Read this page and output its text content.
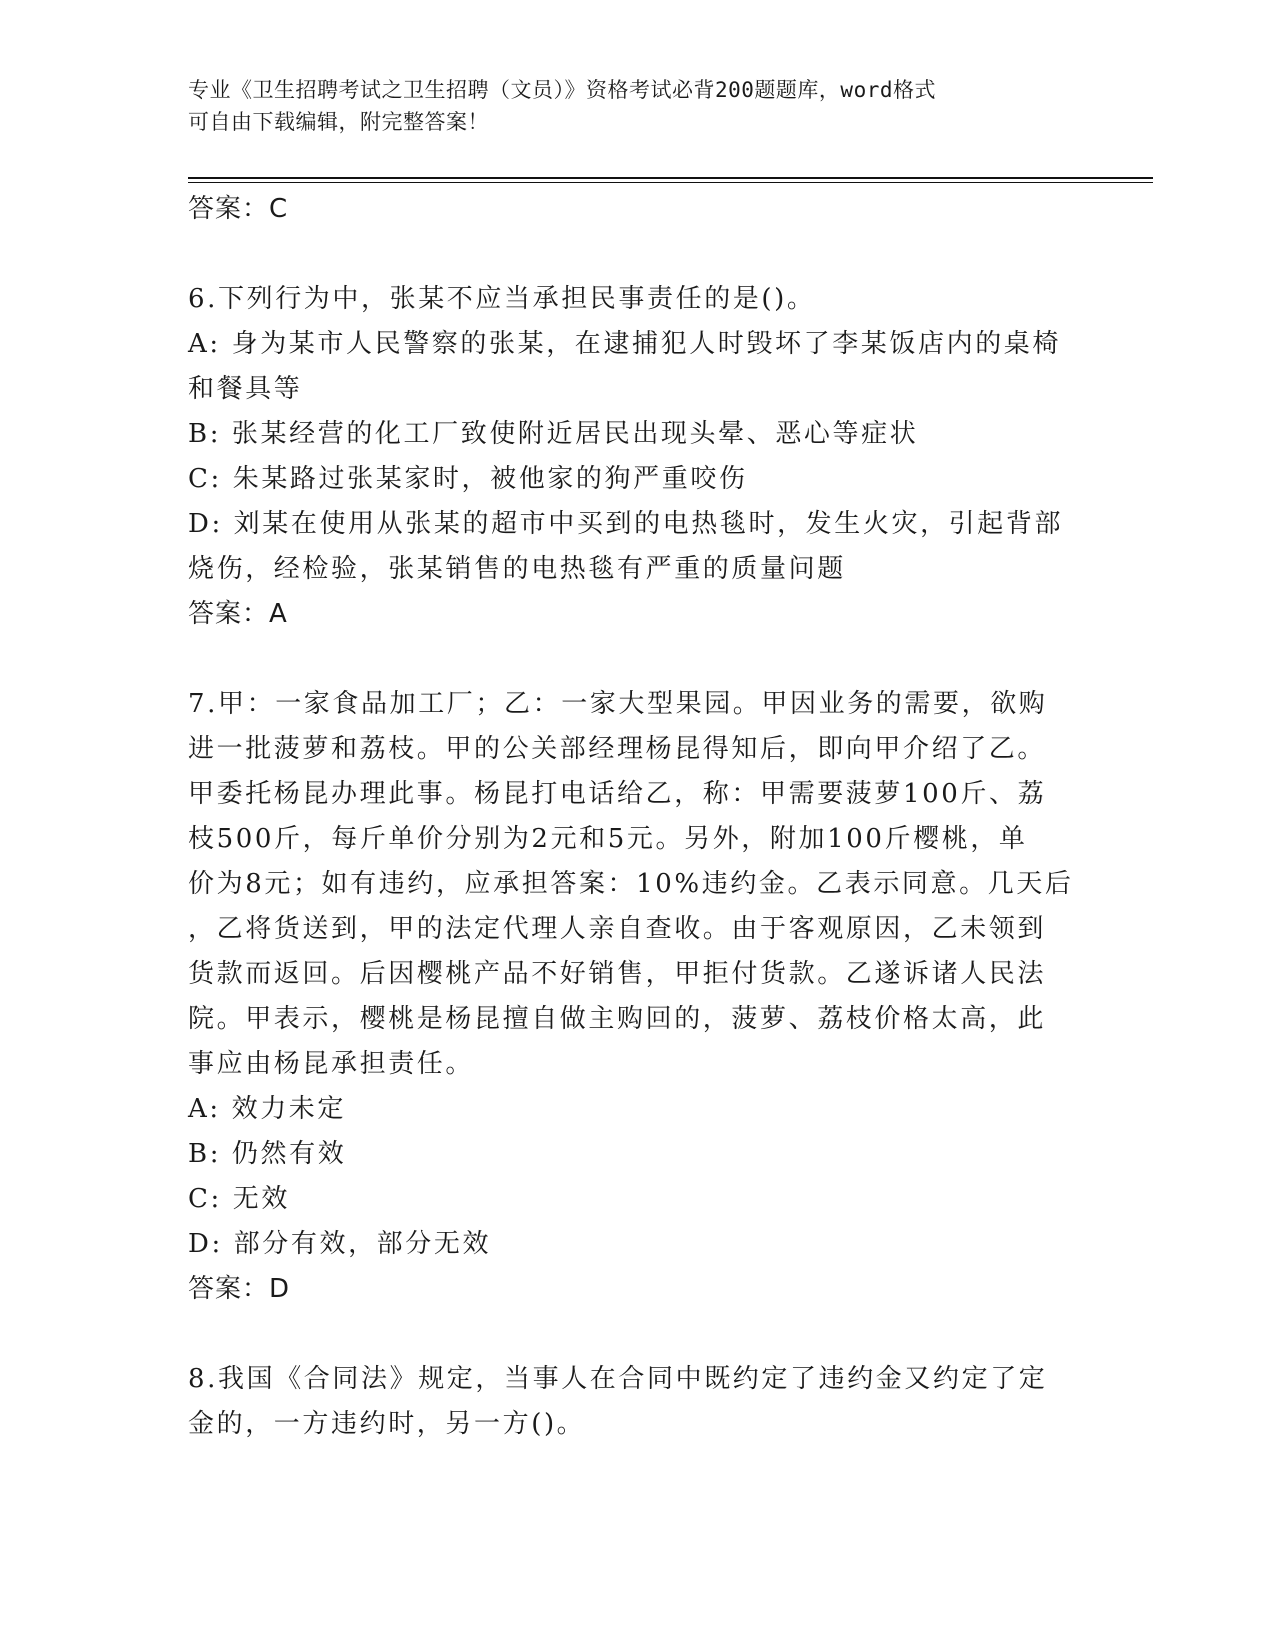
专业《卫生招聘考试之卫生招聘（文员）》资格考试必背200题题库，word格式
可自由下载编辑，附完整答案！
答案：C
6.下列行为中，张某不应当承担民事责任的是()。
A: 身为某市人民警察的张某，在逮捕犯人时毁坏了李某饭店内的桌椅
和餐具等
B: 张某经营的化工厂致使附近居民出现头晕、恶心等症状
C: 朱某路过张某家时，被他家的狗严重咬伤
D: 刘某在使用从张某的超市中买到的电热毯时，发生火灾，引起背部
烧伤，经检验，张某销售的电热毯有严重的质量问题
答案：A
7.甲：一家食品加工厂；乙：一家大型果园。甲因业务的需要，欲购
进一批菠萝和荔枝。甲的公关部经理杨昆得知后，即向甲介绍了乙。
甲委托杨昆办理此事。杨昆打电话给乙，称：甲需要菠萝100斤、荔
枝500斤，每斤单价分别为2元和5元。另外，附加100斤樱桃，单
价为8元；如有违约，应承担答案：10%违约金。乙表示同意。几天后
，乙将货送到，甲的法定代理人亲自查收。由于客观原因，乙未领到
货款而返回。后因樱桃产品不好销售，甲拒付货款。乙遂诉诸人民法
院。甲表示，樱桃是杨昆擅自做主购回的，菠萝、荔枝价格太高，此
事应由杨昆承担责任。
A: 效力未定
B: 仍然有效
C: 无效
D: 部分有效，部分无效
答案：D
8.我国《合同法》规定，当事人在合同中既约定了违约金又约定了定
金的，一方违约时，另一方()。
